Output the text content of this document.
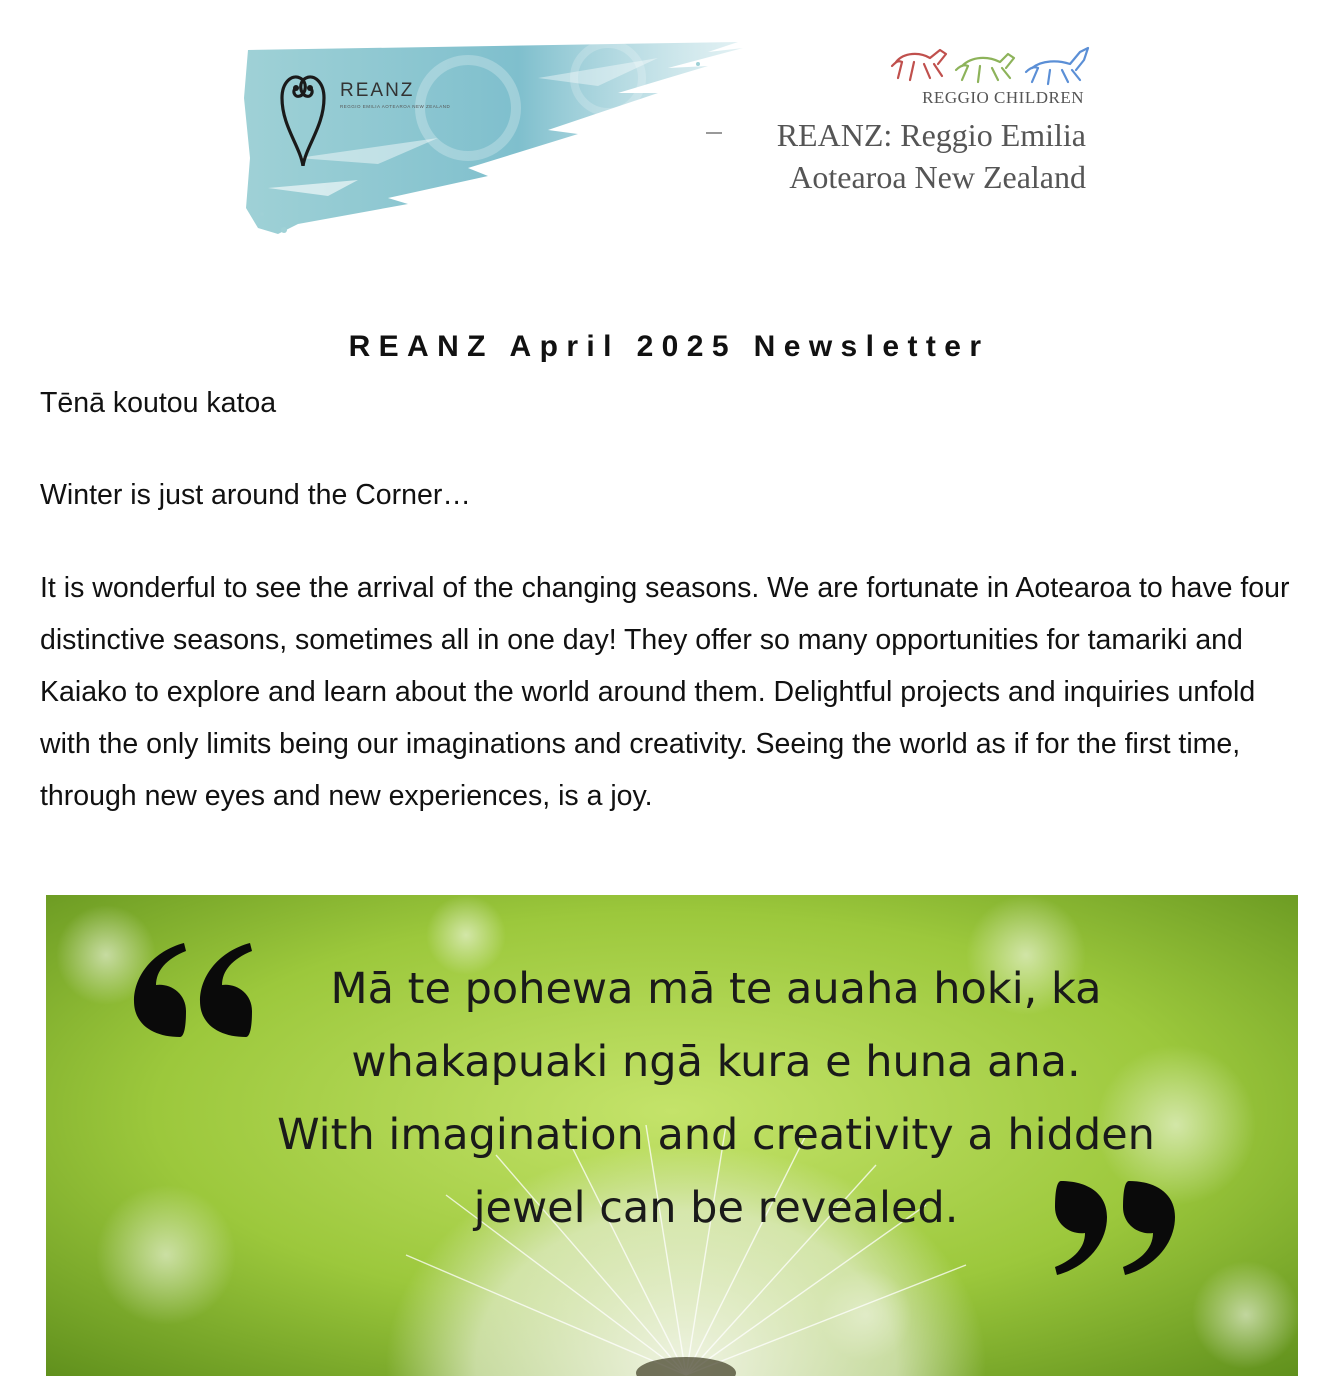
REANZ
REGGIO EMILIA AOTEAROA NEW ZEALAND	REGGIO CHILDREN
REANZ: Reggio Emilia
Aotearoa New Zealand
REANZ April 2025 Newsletter

Tēnā koutou katoa

Winter is just around the Corner…

It is wonderful to see the arrival of the changing seasons. We are fortunate in Aotearoa to have four distinctive seasons, sometimes all in one day! They offer so many opportunities for tamariki and Kaiako to explore and learn about the world around them. Delightful projects and inquiries unfold with the only limits being our imaginations and creativity. Seeing the world as if for the first time, through new eyes and new experiences, is a joy.

Mā te pohewa mā te auaha hoki, ka
whakapuaki ngā kura e huna ana.
With imagination and creativity a hidden
jewel can be revealed.
